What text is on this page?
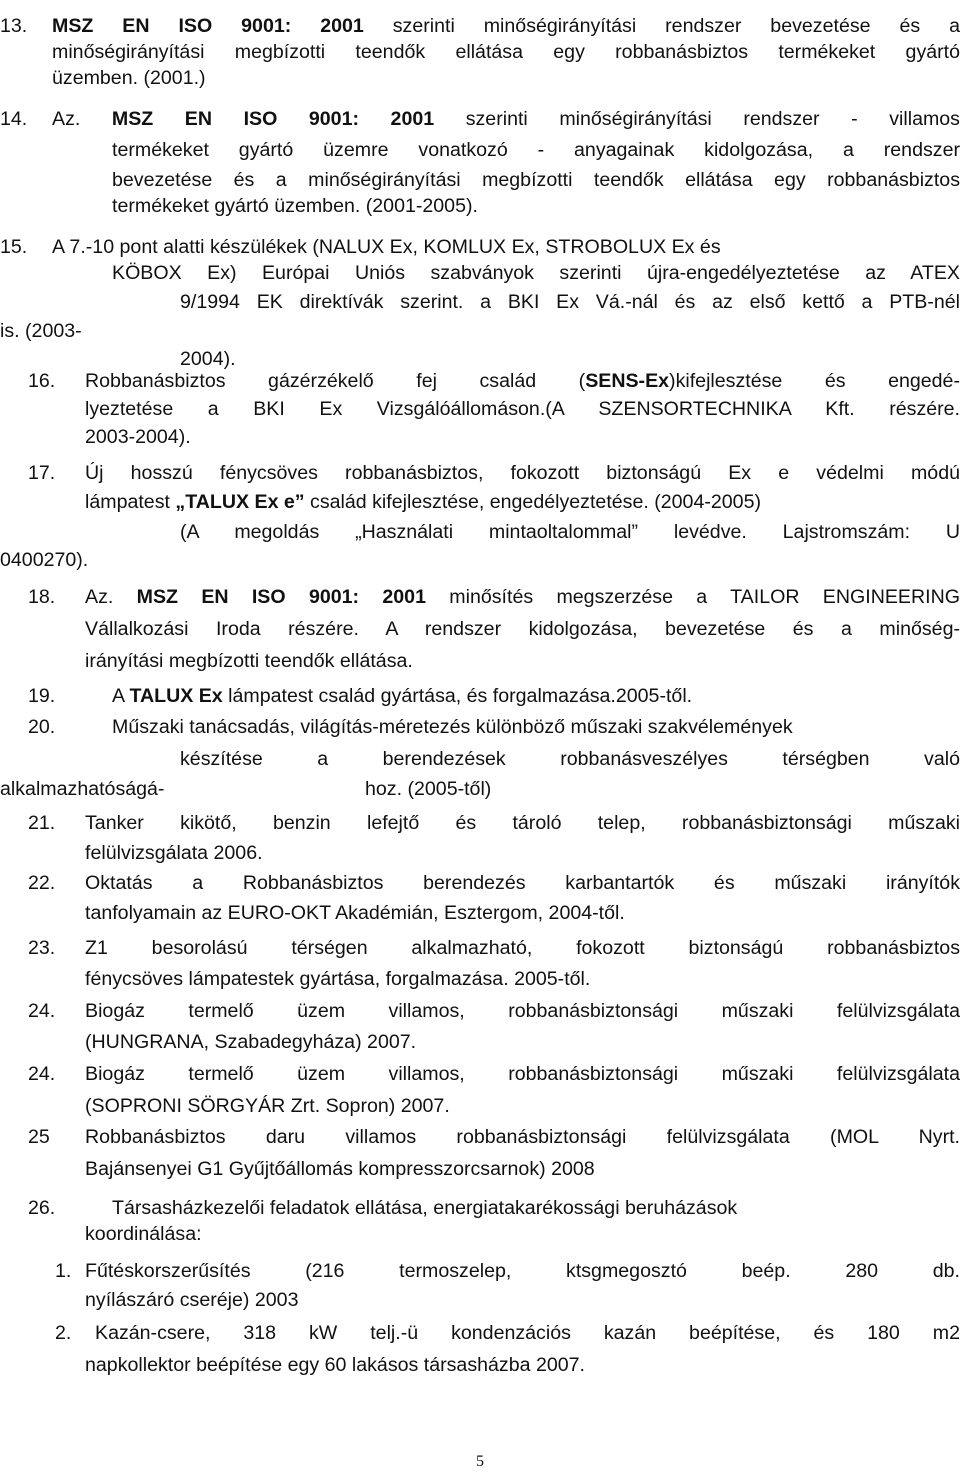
13. MSZ EN ISO 9001: 2001 szerinti minőségirányítási rendszer bevezetése és a
minőségirányítási megbízotti teendők ellátása egy robbanásbiztos termékeket gyártó
üzemben. (2001.)
14. Az. MSZ EN ISO 9001: 2001 szerinti minőségirányítási rendszer - villamos
termékeket gyártó üzemre vonatkozó - anyagainak kidolgozása, a rendszer
bevezetése és a minőségirányítási megbízotti teendők ellátása egy robbanásbiztos
termékeket gyártó üzemben. (2001-2005).
15. A 7.-10 pont alatti készülékek (NALUX Ex, KOMLUX Ex, STROBOLUX Ex és
KÖBOX Ex) Európai Uniós szabványok szerinti újra-engedélyeztetése az ATEX
9/1994 EK direktívák szerint. a BKI Ex Vá.-nál és az első kettő a PTB-nél
is. (2003-
2004).
16. Robbanásbiztos gázérzékelő fej család (SENS-Ex)kifejlesztése és engedé-
lyeztetése a BKI Ex Vizsgálóállomáson.(A SZENSORTECHNIKA Kft. részére.
2003-2004).
17. Új hosszú fénycsöves robbanásbiztos, fokozott biztonságú Ex e védelmi módú
lámpatest „TALUX Ex e” család kifejlesztése, engedélyeztetése. (2004-2005)
(A megoldás „Használati mintaoltalommal” levédve. Lajstromszám: U
0400270).
18. Az. MSZ EN ISO 9001: 2001 minősítés megszerzése a TAILOR ENGINEERING
Vállalkozási Iroda részére. A rendszer kidolgozása, bevezetése és a minőség-
irányítási megbízotti teendők ellátása.
19.	A TALUX Ex lámpatest család gyártása, és forgalmazása.2005-től.
20.	Műszaki tanácsadás, világítás-méretezés különböző műszaki szakvélemények
készítése a berendezések robbanásveszélyes térségben való
alkalmazhatóságá-	hoz. (2005-től)
21. Tanker kikötő, benzin lefejtő és tároló telep, robbanásbiztonsági műszaki
felülvizsgálata 2006.
22. Oktatás a Robbanásbiztos berendezés karbantartók és műszaki irányítók
tanfolyamain az EURO-OKT Akadémián, Esztergom, 2004-től.
23. Z1 besorolású térségen alkalmazható, fokozott biztonságú robbanásbiztos
fénycsöves lámpatestek gyártása, forgalmazása. 2005-től.
24. Biogáz termelő üzem villamos, robbanásbiztonsági műszaki felülvizsgálata
(HUNGRANA, Szabadegyháza) 2007.
24. Biogáz termelő üzem villamos, robbanásbiztonsági műszaki felülvizsgálata
(SOPRONI SÖRGYÁR Zrt. Sopron) 2007.
25 Robbanásbiztos daru villamos robbanásbiztonsági felülvizsgálata (MOL Nyrt.
Bajánsenyei G1 Gyűjtőállomás kompresszorcsarnok) 2008
26.	Társasházkezelői feladatok ellátása, energiatakarékossági beruházások
koordinálása:
1. Fűtéskorszerűsítés (216 termoszelep, ktsgmegosztó beép. 280 db.
nyílászáró cseréje) 2003
2. Kazán-csere, 318 kW telj.-ü kondenzációs kazán beépítése, és 180 m2
napkollektor beépítése egy 60 lakásos társasházba 2007.
5
